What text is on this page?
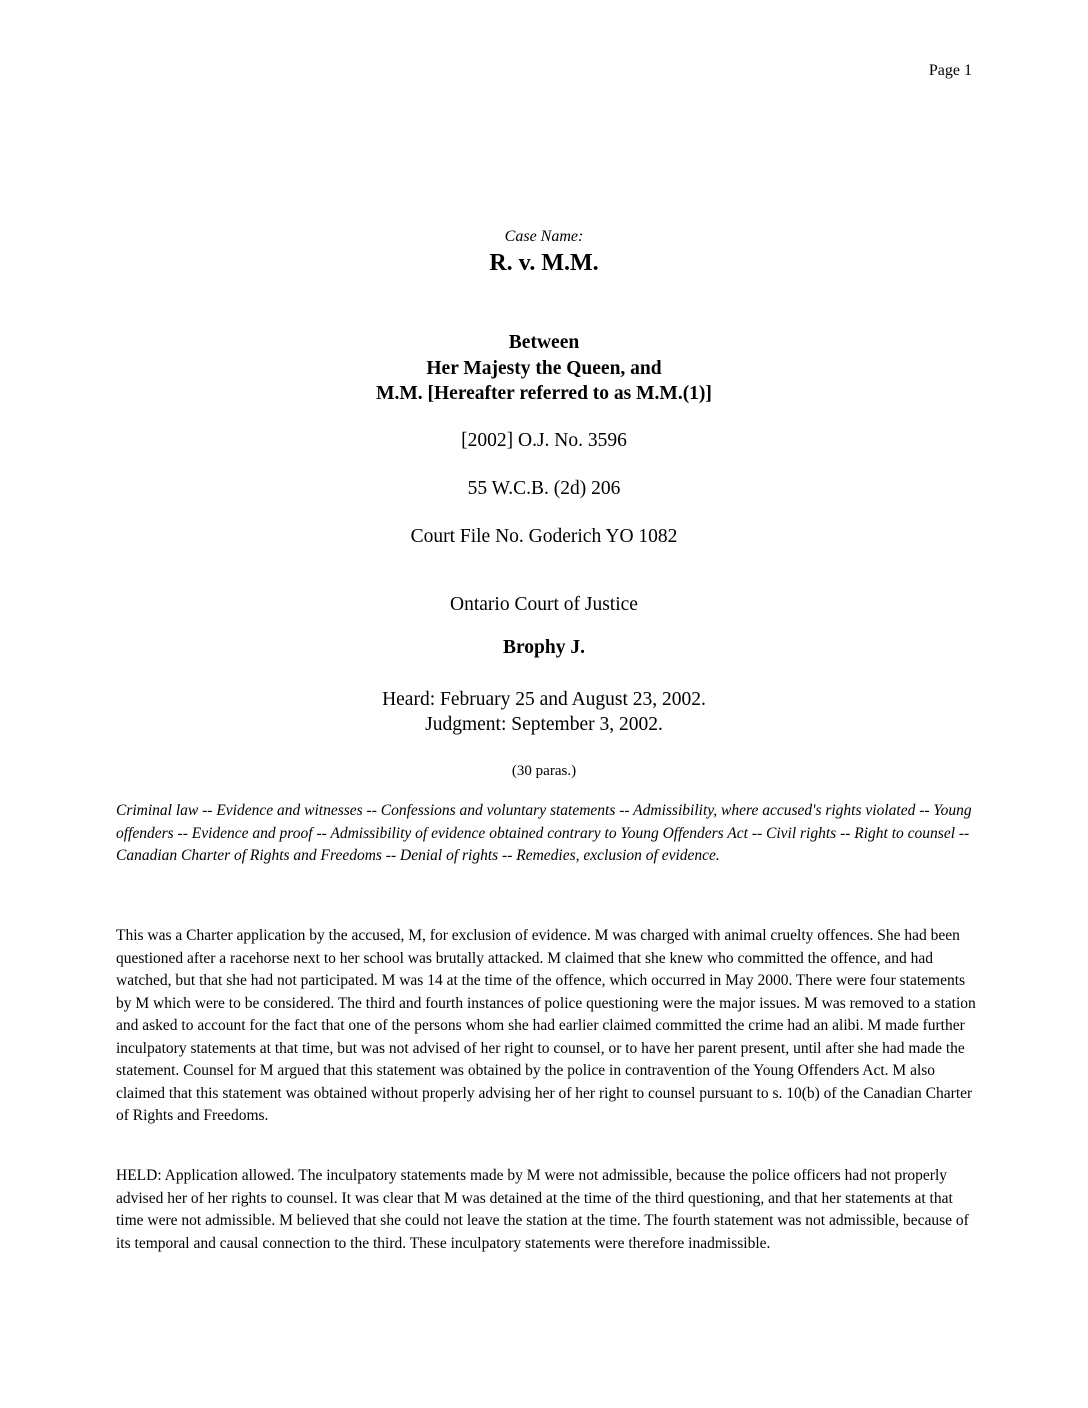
Page 1
Case Name:
R. v. M.M.
Between
Her Majesty the Queen, and
M.M. [Hereafter referred to as M.M.(1)]
[2002] O.J. No. 3596
55 W.C.B. (2d) 206
Court File No. Goderich YO 1082
Ontario Court of Justice
Brophy J.
Heard: February 25 and August 23, 2002.
Judgment: September 3, 2002.
(30 paras.)
Criminal law -- Evidence and witnesses -- Confessions and voluntary statements -- Admissibility, where accused's rights violated -- Young offenders -- Evidence and proof -- Admissibility of evidence obtained contrary to Young Offenders Act -- Civil rights -- Right to counsel -- Canadian Charter of Rights and Freedoms -- Denial of rights -- Remedies, exclusion of evidence.
This was a Charter application by the accused, M, for exclusion of evidence. M was charged with animal cruelty offences. She had been questioned after a racehorse next to her school was brutally attacked. M claimed that she knew who committed the offence, and had watched, but that she had not participated. M was 14 at the time of the offence, which occurred in May 2000. There were four statements by M which were to be considered. The third and fourth instances of police questioning were the major issues. M was removed to a station and asked to account for the fact that one of the persons whom she had earlier claimed committed the crime had an alibi. M made further inculpatory statements at that time, but was not advised of her right to counsel, or to have her parent present, until after she had made the statement. Counsel for M argued that this statement was obtained by the police in contravention of the Young Offenders Act. M also claimed that this statement was obtained without properly advising her of her right to counsel pursuant to s. 10(b) of the Canadian Charter of Rights and Freedoms.
HELD: Application allowed. The inculpatory statements made by M were not admissible, because the police officers had not properly advised her of her rights to counsel. It was clear that M was detained at the time of the third questioning, and that her statements at that time were not admissible. M believed that she could not leave the station at the time. The fourth statement was not admissible, because of its temporal and causal connection to the third. These inculpatory statements were therefore inadmissible.
